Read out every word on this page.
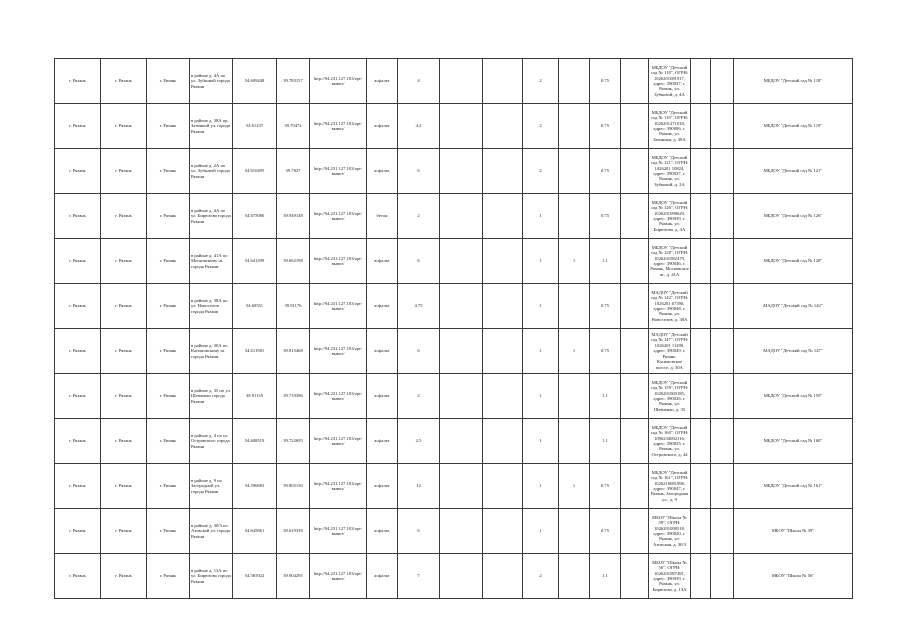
г. Рязань	г. Рязань	г. Рязань	в районе д. 4А по ул. Зубковой города Рязани	54.609448	39.783157	http://94.231.127.103/opt-вывоз/	асфальт	4			2		0.75		МБДОУ "Детский сад № 118", ОГРН: 1026201081917, адрес: 390037, г. Рязань, ул. Зубковой, д. 4А			МБДОУ "Детский сад № 118"
г. Рязань	г. Рязань	г. Рязань	в районе д. 38А пр. Затинной ул. города Рязани	54.61237	39.70472	http://94.231.127.103/opt-вывоз/	асфальт	4,2			2		0.75		МБДОУ "Детский сад № 119", ОГРН: 1026201271018, адрес: 390006, г. Рязань, ул. Затинная, д. 38А			МБДОУ "Детский сад № 119"
г. Рязань	г. Рязань	г. Рязань	в районе д. 2А по ул. Зубковой города Рязани	54.610495	39.7837	http://94.231.127.103/opt-вывоз/	асфальт	6			2		0.75		МБДОУ "Детский сад № 121", ОГРН: 1026201 10824, адрес: 390037, г. Рязань, ул. Зубковой, д. 2А			МБДОУ "Детский сад № 121"
г. Рязань	г. Рязань	г. Рязань	в районе д. 4А по ул. Бирюзова города Рязани	54.675086	39.949148	http://94.231.127.103/opt-вывоз/	бетон	2			1		0.75		МБДОУ "Детский сад № 126", ОГРН: 1026201098629, адрес: 390039, г. Рязань, ул. Бирюзова, д. 4А			МБДОУ "Детский сад № 126"
г. Рязань	г. Рязань	г. Рязань	в районе д. 41А по Московскому ш. города Рязани	54.641499	39.662198	http://94.231.127.103/opt-вывоз/	асфальт	6			1	1	1.1		МБДОУ "Детский сад № 128", ОГРН: 1026201082479, адрес: 390046, г. Рязань, Московское ш., д. 41А			МБДОУ "Детский сад № 128"
г. Рязань	г. Рязань	г. Рязань	в районе д. 38А по ул. Новоселов города Рязани	54.60551	39.91176	http://94.231.127.103/opt-вывоз/	асфальт	4.75			1		0.75		МАДОУ "Детский сад № 142", ОГРН: 1026201 07390, адрес: 390048, г. Рязань, ул. Новоселов, д. 38А			МАДОУ "Детский сад № 142"
г. Рязань	г. Рязань	г. Рязань	в районе д. 30А по Касимовскому ш. города Рязани	54.611981	39.815468	http://94.231.127.103/opt-вывоз/	асфальт	6			1	1	0.75		МАДОУ "Детский сад № 147", ОГРН: 1026201 11499, адрес: 390049, г. Рязань, Касимовское шоссе, д. 30А			МАДОУ "Детский сад № 147"
г. Рязань	г. Рязань	г. Рязань	в районе д. 35 по ул. Шевченко города Рязани	39.91135	39.710396	http://94.231.127.103/opt-вывоз/	асфальт	2			1		1.1		МБДОУ "Детский сад № 159", ОГРН: 1026201069185, адрес: 390026, г. Рязань, ул. Шевченко, д. 35			МБДОУ "Детский сад № 159"
г. Рязань	г. Рязань	г. Рязань	в районе д. 4 по ул. Островского города Рязани	54.608519	39.722695	http://94.231.127.103/opt-вывоз/	асфальт	2.5			1		1.1		МБДОУ "Детский сад № 160", ОГРН: 1096234002116, адрес: 390035, г. Рязань, ул. Островского, д. 44			МБДОУ "Детский сад № 160"
г. Рязань	г. Рязань	г. Рязань	в районе д. 9 по Загородной ул. города Рязани	54.596883	39.805130	http://94.231.127.103/opt-вывоз/	асфальт	12			1	1	0.75		МБДОУ "Детский сад № 161", ОГРН: 1026210081998, адрес: 390047, г. Рязань, Загородная ул., д. 9			МБДОУ "Детский сад № 161"
г. Рязань	г. Рязань	г. Рязань	в районе д. 30/3 по Азовской ул. города Рязани	54.645861	39.619339	http://94.231.127.103/opt-вывоз/	асфальт	6			1		0.75		МБОУ "Школа № 39", ОГРН: 1026201098518, адрес: 390020, г. Рязань, ул. Азовская, д. 30/3			МБОУ "Школа № 39"
г. Рязань	г. Рязань	г. Рязань	в районе д. 13А по ул. Бирюзова города Рязани	54.565922	39.904295	http://94.231.127.103/opt-вывоз/	асфальт	7			2		1.1		МБОУ "Школа № 56", ОГРН: 1026201087491, адрес: 390039, г. Рязань, ул. Бирюзова, д. 13А			МБОУ "Школа № 56"
